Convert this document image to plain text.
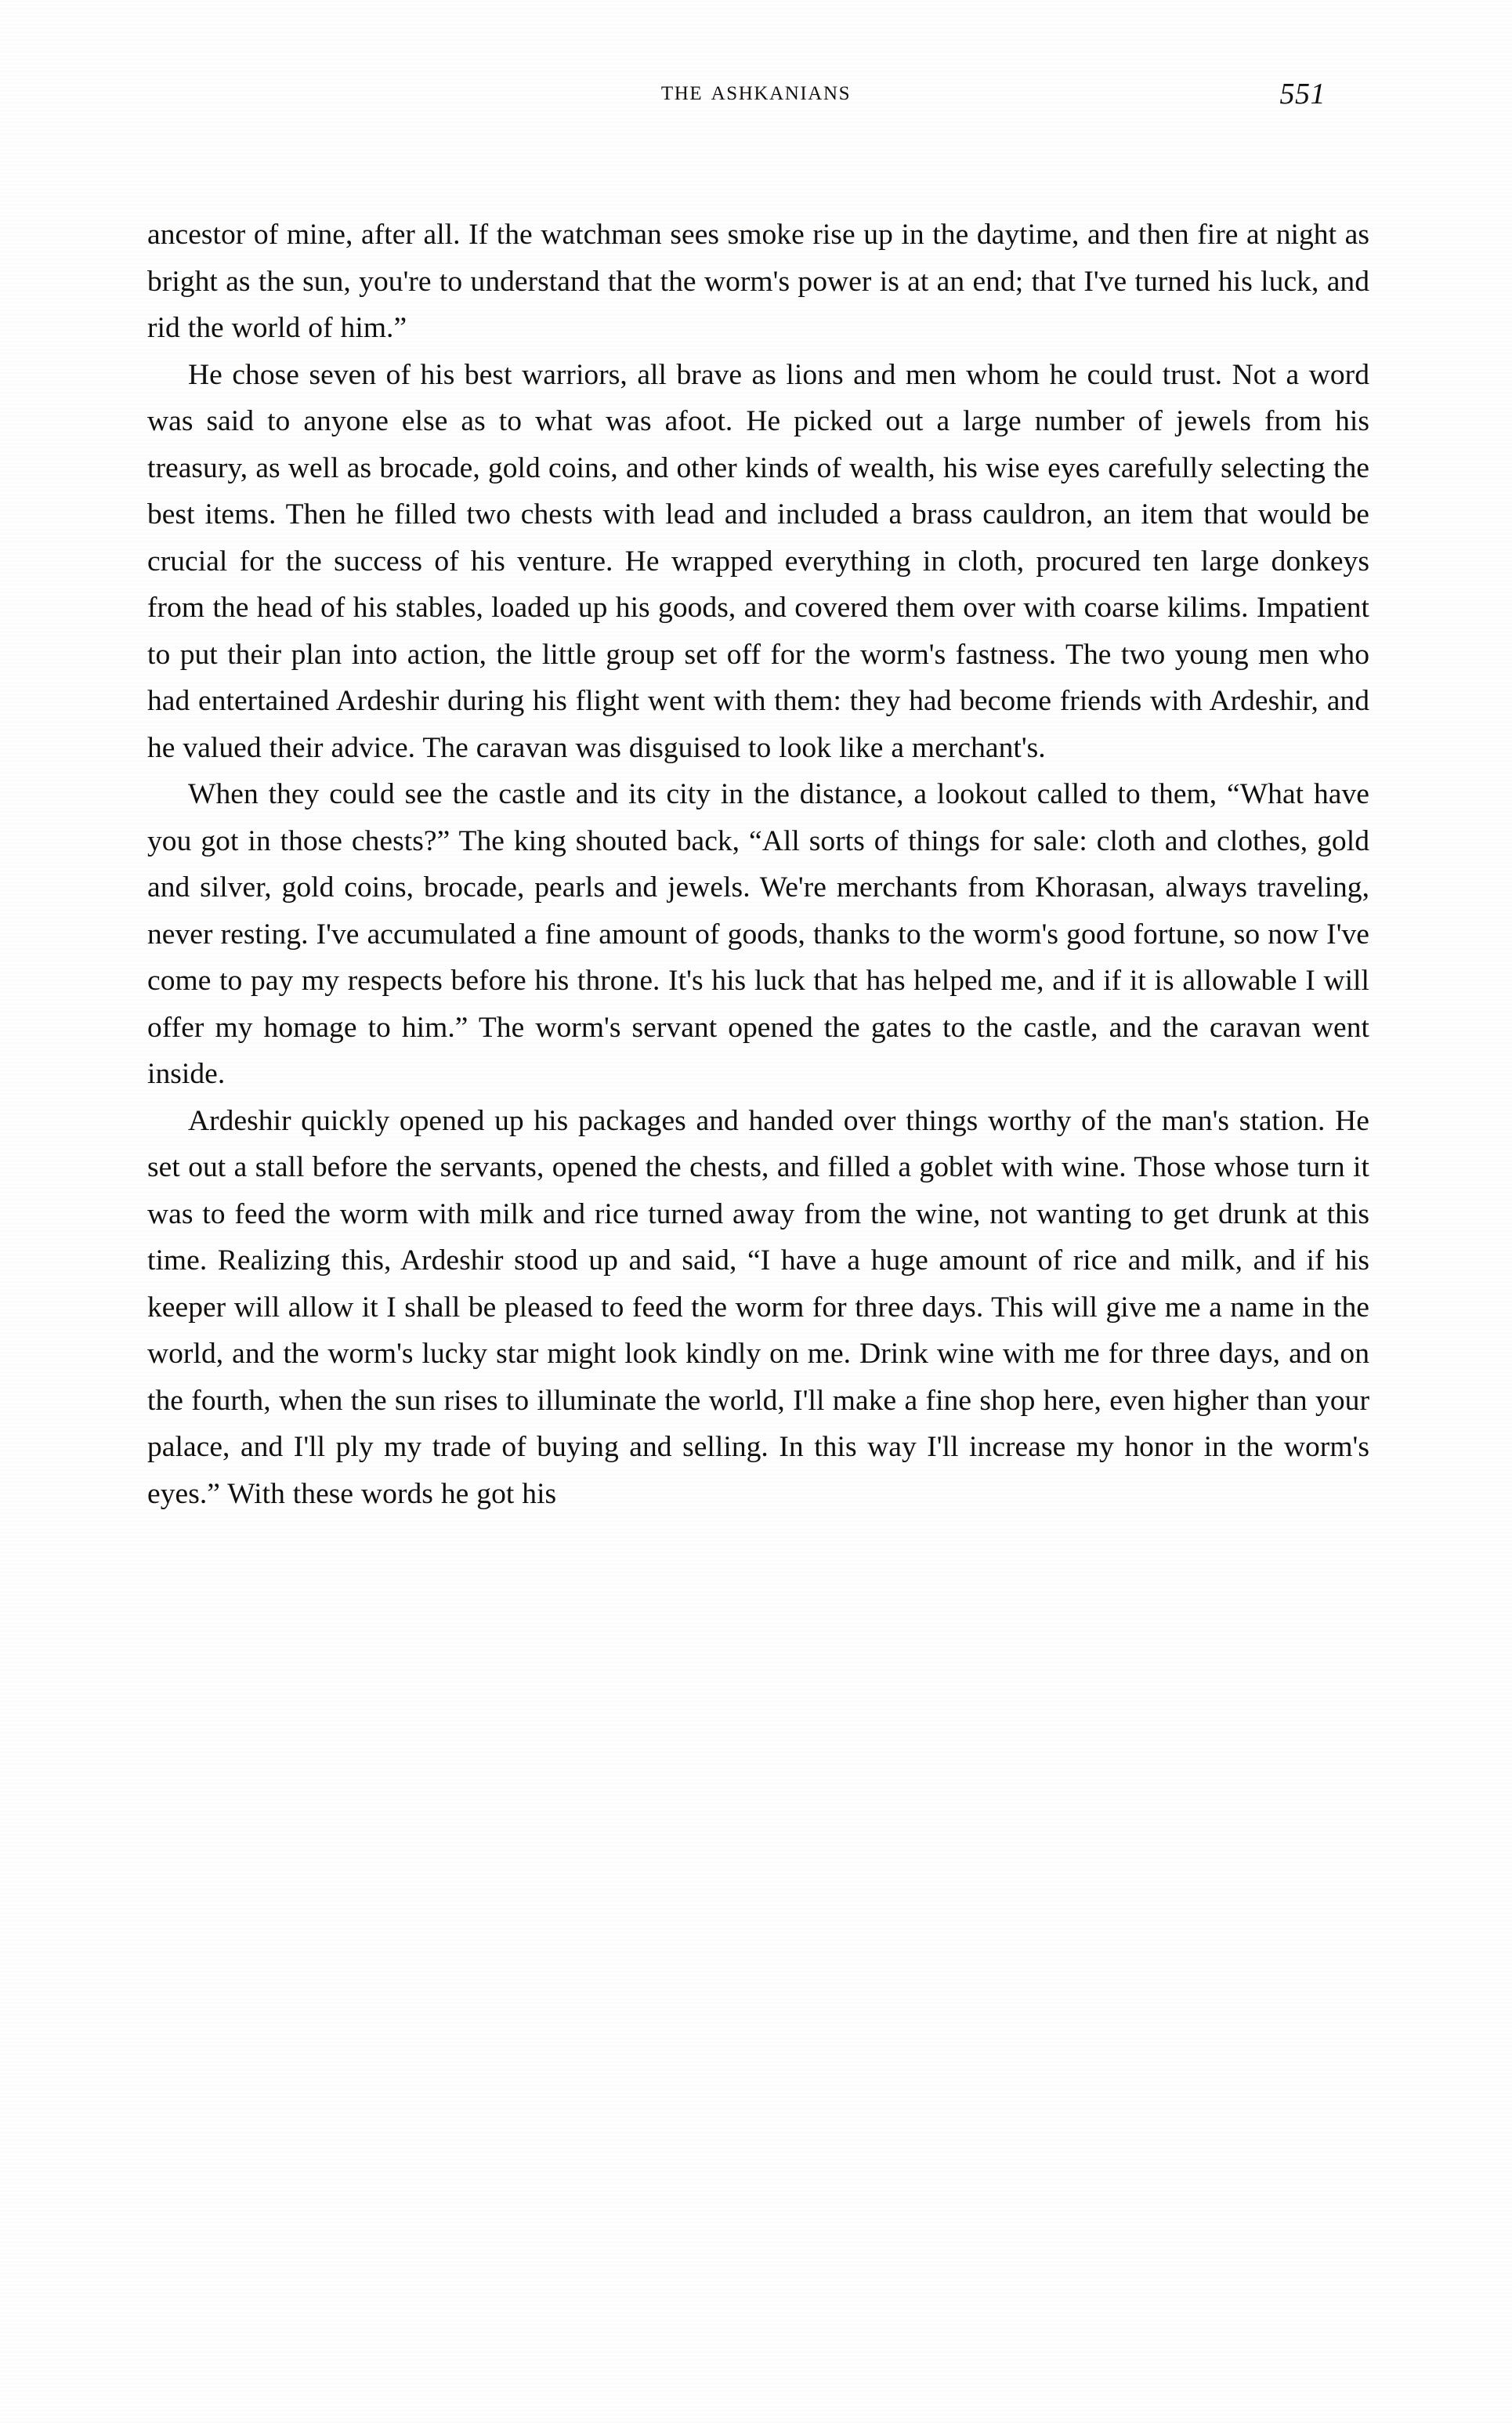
the ashkanians	551

ancestor of mine, after all. If the watchman sees smoke rise up in the daytime, and then fire at night as bright as the sun, you're to understand that the worm's power is at an end; that I've turned his luck, and rid the world of him.”

He chose seven of his best warriors, all brave as lions and men whom he could trust. Not a word was said to anyone else as to what was afoot. He picked out a large number of jewels from his treasury, as well as brocade, gold coins, and other kinds of wealth, his wise eyes carefully selecting the best items. Then he filled two chests with lead and included a brass cauldron, an item that would be crucial for the success of his venture. He wrapped everything in cloth, procured ten large donkeys from the head of his stables, loaded up his goods, and covered them over with coarse kilims. Impatient to put their plan into action, the little group set off for the worm's fastness. The two young men who had entertained Ardeshir during his flight went with them: they had become friends with Ardeshir, and he valued their advice. The caravan was disguised to look like a merchant's.

When they could see the castle and its city in the distance, a lookout called to them, “What have you got in those chests?” The king shouted back, “All sorts of things for sale: cloth and clothes, gold and silver, gold coins, brocade, pearls and jewels. We're merchants from Khorasan, always traveling, never resting. I've accumulated a fine amount of goods, thanks to the worm's good fortune, so now I've come to pay my respects before his throne. It's his luck that has helped me, and if it is allowable I will offer my homage to him.” The worm's servant opened the gates to the castle, and the caravan went inside.

Ardeshir quickly opened up his packages and handed over things worthy of the man's station. He set out a stall before the servants, opened the chests, and filled a goblet with wine. Those whose turn it was to feed the worm with milk and rice turned away from the wine, not wanting to get drunk at this time. Realizing this, Ardeshir stood up and said, “I have a huge amount of rice and milk, and if his keeper will allow it I shall be pleased to feed the worm for three days. This will give me a name in the world, and the worm's lucky star might look kindly on me. Drink wine with me for three days, and on the fourth, when the sun rises to illuminate the world, I'll make a fine shop here, even higher than your palace, and I'll ply my trade of buying and selling. In this way I'll increase my honor in the worm's eyes.” With these words he got his
